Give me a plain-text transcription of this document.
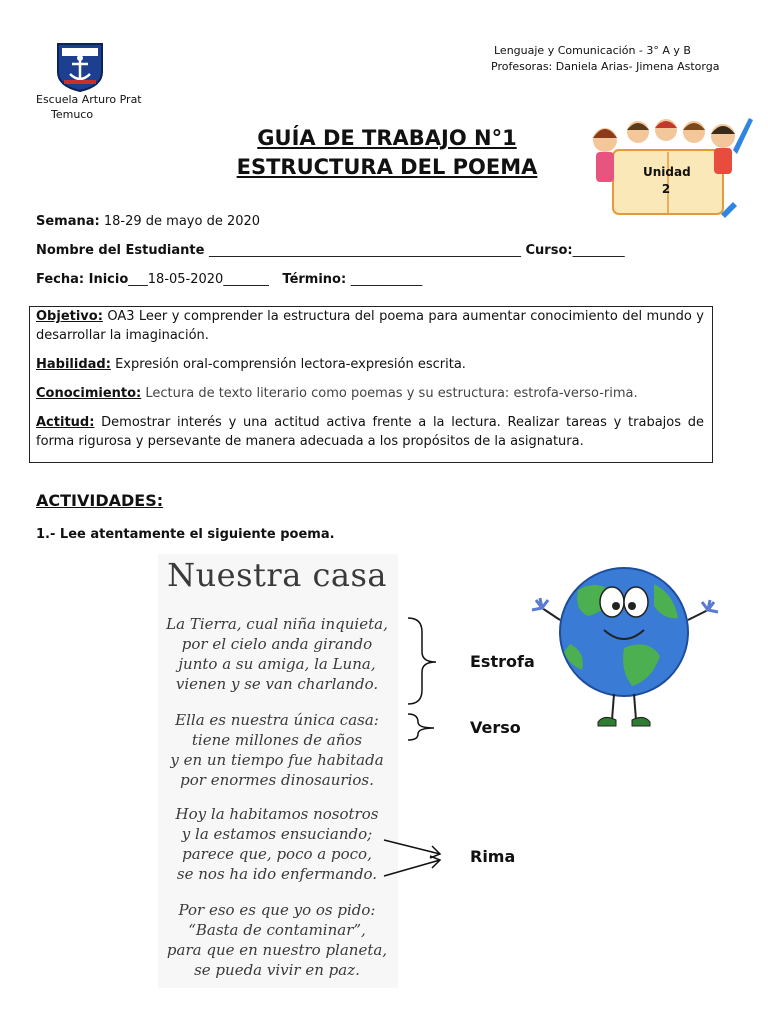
Escuela Arturo Prat
Temuco
Lenguaje y Comunicación - 3° A y B
Profesoras: Daniela Arias- Jimena Astorga
GUÍA DE TRABAJO N°1
ESTRUCTURA DEL POEMA	Unidad
2
Semana: 18-29 de mayo de 2020
Nombre del Estudiante ________________________________________________ Curso:________
Fecha: Inicio___18-05-2020_______ Término: ___________
Objetivo: OA3 Leer y comprender la estructura del poema para aumentar conocimiento del mundo y desarrollar la imaginación.
Habilidad: Expresión oral-comprensión lectora-expresión escrita.
Conocimiento: Lectura de texto literario como poemas y su estructura: estrofa-verso-rima.
Actitud: Demostrar interés y una actitud activa frente a la lectura. Realizar tareas y trabajos de forma rigurosa y persevante de manera adecuada a los propósitos de la asignatura.
ACTIVIDADES:
1.- Lee atentamente el siguiente poema.
Nuestra casa
La Tierra, cual niña inquieta,
por el cielo anda girando
junto a su amiga, la Luna,
vienen y se van charlando.
Ella es nuestra única casa:
tiene millones de años
y en un tiempo fue habitada
por enormes dinosaurios.
Hoy la habitamos nosotros
y la estamos ensuciando;
parece que, poco a poco,
se nos ha ido enfermando.
Por eso es que yo os pido:
“Basta de contaminar”,
para que en nuestro planeta,
se pueda vivir en paz.
Estrofa
Verso
Rima
